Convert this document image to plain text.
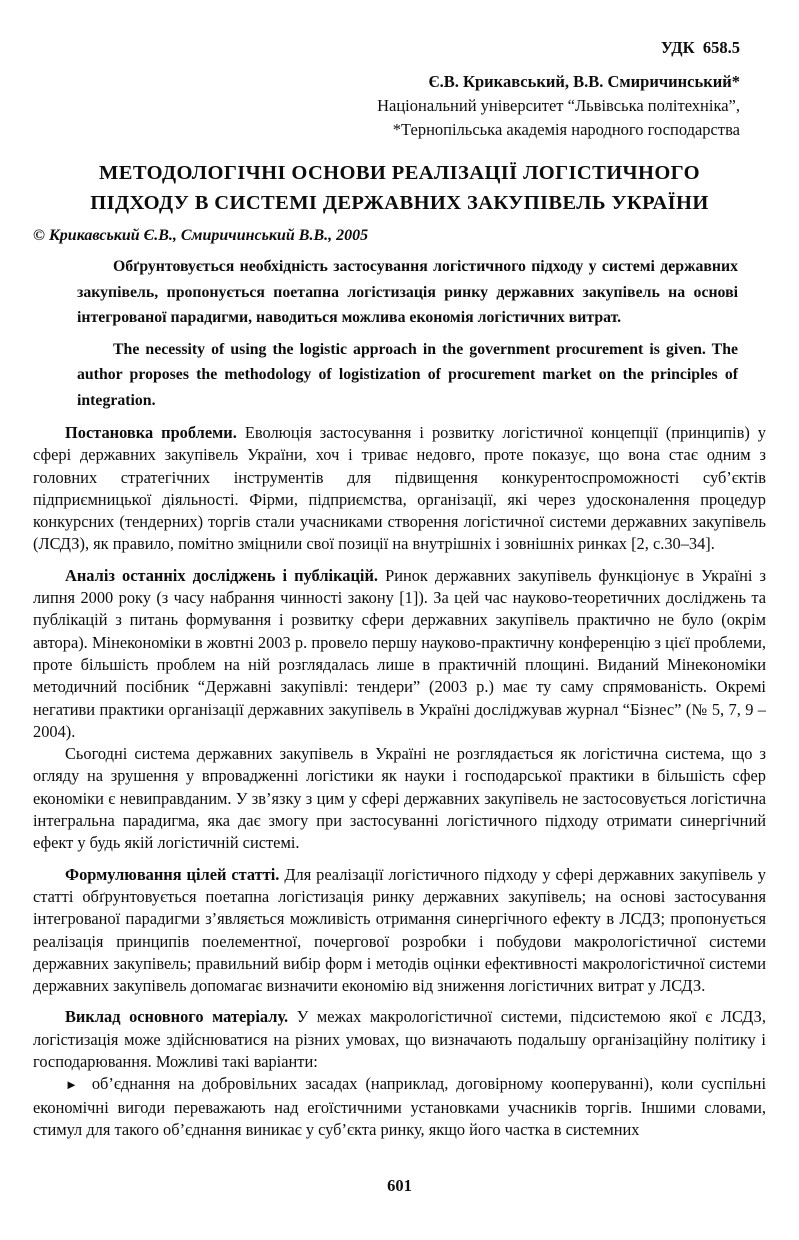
УДК  658.5
Є.В. Крикавський, В.В. Смиричинський*
Національний університет “Львівська політехніка”,
*Тернопільська академія народного господарства
МЕТОДОЛОГІЧНІ ОСНОВИ РЕАЛІЗАЦІЇ ЛОГІСТИЧНОГО
ПІДХОДУ В СИСТЕМІ ДЕРЖАВНИХ ЗАКУПІВЕЛЬ УКРАЇНИ
© Крикавський Є.В., Смиричинський В.В., 2005

Обґрунтовується необхідність застосування логістичного підходу у системі державних закупівель, пропонується поетапна логістизація ринку державних закупівель на основі інтегрованої парадигми, наводиться можлива економія логістичних витрат.

The necessity of using the logistic approach in the government procurement is given. The author proposes the methodology of logistization of procurement market on the principles of integration.

Постановка проблеми. Еволюція застосування і розвитку логістичної концепції (принципів) у сфері державних закупівель України, хоч і триває недовго, проте показує, що вона стає одним з головних стратегічних інструментів для підвищення конкурентоспроможності суб’єктів підприємницької діяльності. Фірми, підприємства, організації, які через удосконалення процедур конкурсних (тендерних) торгів стали учасниками створення логістичної системи державних закупівель (ЛСДЗ), як правило, помітно зміцнили свої позиції на внутрішніх і зовнішніх ринках [2, с.30–34].

Аналіз останніх досліджень і публікацій. Ринок державних закупівель функціонує в Україні з липня 2000 року (з часу набрання чинності закону [1]). За цей час науково-теоретичних досліджень та публікацій з питань формування і розвитку сфери державних закупівель практично не було (окрім автора). Мінекономіки в жовтні 2003 р. провело першу науково-практичну конференцію з цієї проблеми, проте більшість проблем на ній розглядалась лише в практичній площині. Виданий Мінекономіки методичний посібник “Державні закупівлі: тендери” (2003 р.) має ту саму спрямованість. Окремі негативи практики організації державних закупівель в Україні досліджував журнал “Бізнес” (№ 5, 7, 9 – 2004).

Сьогодні система державних закупівель в Україні не розглядається як логістична система, що з огляду на зрушення у впровадженні логістики як науки і господарської практики в більшість сфер економіки є невиправданим. У зв’язку з цим у сфері державних закупівель не застосовується логістична інтегральна парадигма, яка дає змогу при застосуванні логістичного підходу отримати синергічний ефект у будь якій логістичній системі.

Формулювання цілей статті. Для реалізації логістичного підходу у сфері державних закупівель у статті обґрунтовується поетапна логістизація ринку державних закупівель; на основі застосування інтегрованої парадигми з’являється можливість отримання синергічного ефекту в ЛСДЗ; пропонується реалізація принципів поелементної, почергової розробки і побудови макрологістичної системи державних закупівель; правильний вибір форм і методів оцінки ефективності макрологістичної системи державних закупівель допомагає визначити економію від зниження логістичних витрат у ЛСДЗ.

Виклад основного матеріалу. У межах макрологістичної системи, підсистемою якої є ЛСДЗ, логістизація може здійснюватися на різних умовах, що визначають подальшу організаційну політику і господарювання. Можливі такі варіанти:

► об’єднання на добровільних засадах (наприклад, договірному кооперуванні), коли суспільні економічні вигоди переважають над егоїстичними установками учасників торгів. Іншими словами, стимул для такого об’єднання виникає у суб’єкта ринку, якщо його частка в системних

601
